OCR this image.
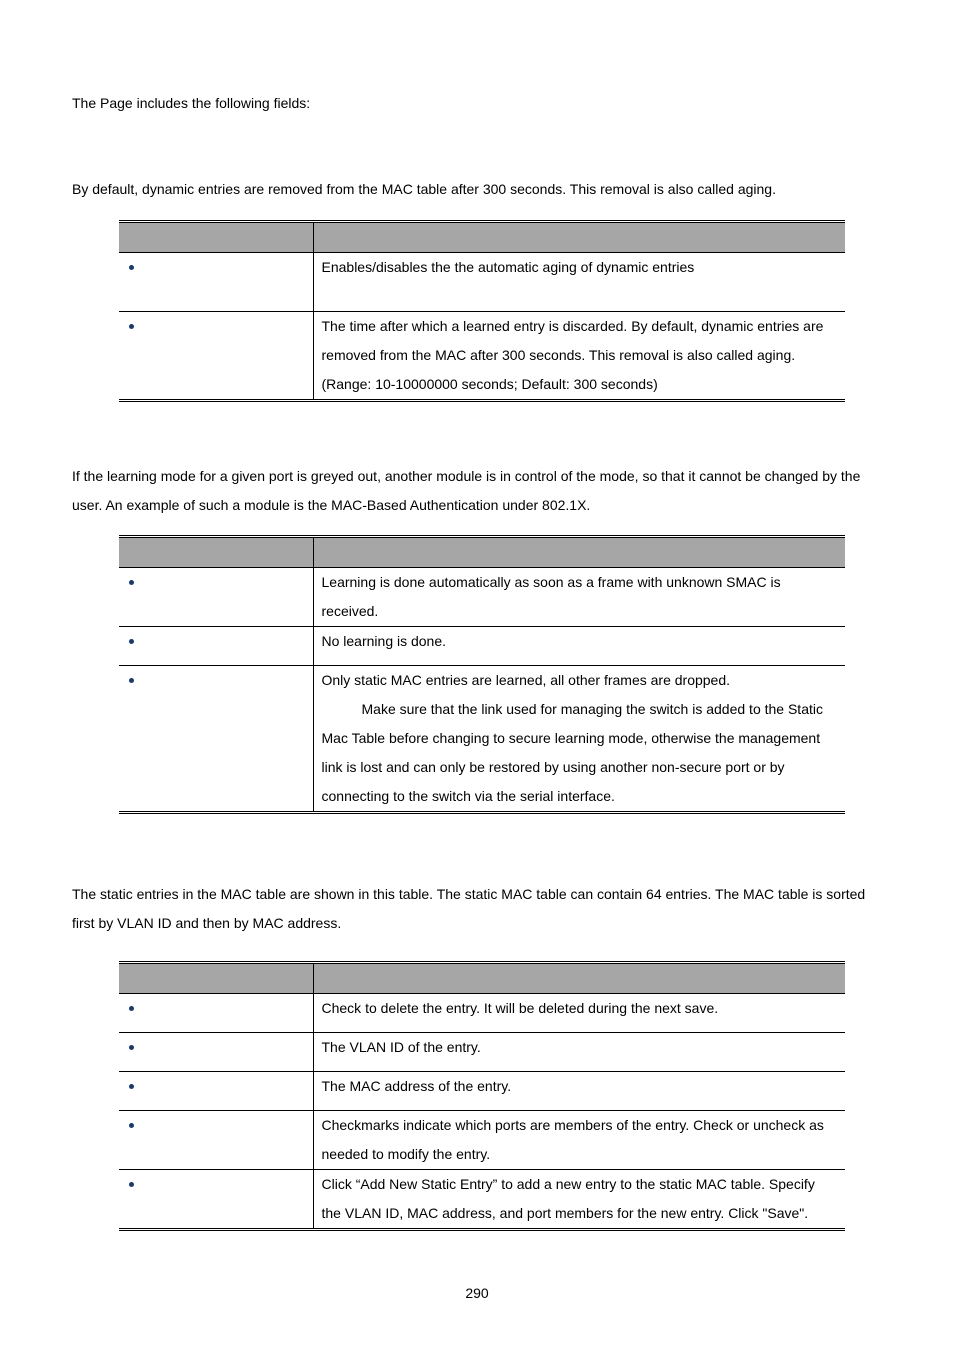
The Page includes the following fields:

By default, dynamic entries are removed from the MAC table after 300 seconds. This removal is also called aging.

	Enables/disables the the automatic aging of dynamic entries

	The time after which a learned entry is discarded. By default, dynamic entries are
removed from the MAC after 300 seconds. This removal is also called aging.
(Range: 10-10000000 seconds; Default: 300 seconds)
If the learning mode for a given port is greyed out, another module is in control of the mode, so that it cannot be changed by the
user. An example of such a module is the MAC-Based Authentication under 802.1X.

	Learning is done automatically as soon as a frame with unknown SMAC is
received.

	No learning is done.

	Only static MAC entries are learned, all other frames are dropped.
Make sure that the link used for managing the switch is added to the Static
Mac Table before changing to secure learning mode, otherwise the management
link is lost and can only be restored by using another non-secure port or by
connecting to the switch via the serial interface.
The static entries in the MAC table are shown in this table. The static MAC table can contain 64 entries. The MAC table is sorted
first by VLAN ID and then by MAC address.

	Check to delete the entry. It will be deleted during the next save.

	The VLAN ID of the entry.

	The MAC address of the entry.

	Checkmarks indicate which ports are members of the entry. Check or uncheck as
needed to modify the entry.

	Click “Add New Static Entry” to add a new entry to the static MAC table. Specify
the VLAN ID, MAC address, and port members for the new entry. Click "Save".
290
